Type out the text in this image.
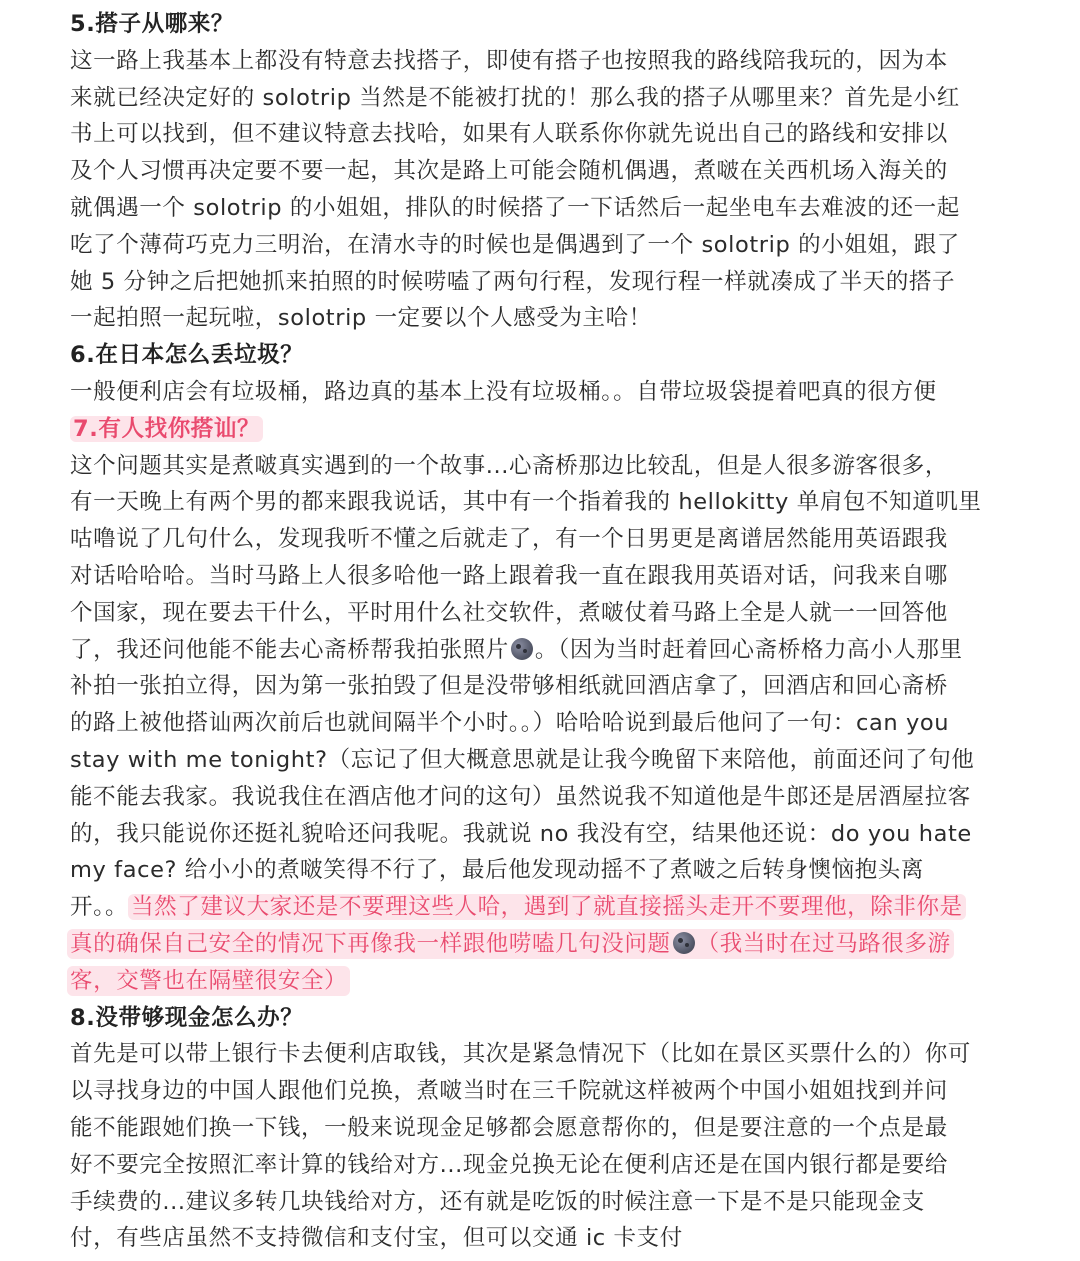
5.搭子从哪来？
这一路上我基本上都没有特意去找搭子，即使有搭子也按照我的路线陪我玩的，因为本
来就已经决定好的 solotrip 当然是不能被打扰的！那么我的搭子从哪里来？首先是小红
书上可以找到，但不建议特意去找哈，如果有人联系你你就先说出自己的路线和安排以
及个人习惯再决定要不要一起，其次是路上可能会随机偶遇，煮啵在关西机场入海关的
就偶遇一个 solotrip 的小姐姐，排队的时候搭了一下话然后一起坐电车去难波的还一起
吃了个薄荷巧克力三明治，在清水寺的时候也是偶遇到了一个 solotrip 的小姐姐，跟了
她 5 分钟之后把她抓来拍照的时候唠嗑了两句行程，发现行程一样就凑成了半天的搭子
一起拍照一起玩啦，solotrip 一定要以个人感受为主哈！
6.在日本怎么丢垃圾？
一般便利店会有垃圾桶，路边真的基本上没有垃圾桶。。自带垃圾袋提着吧真的很方便
7.有人找你搭讪？
这个问题其实是煮啵真实遇到的一个故事...心斋桥那边比较乱，但是人很多游客很多，
有一天晚上有两个男的都来跟我说话，其中有一个指着我的 hellokitty 单肩包不知道叽里
咕噜说了几句什么，发现我听不懂之后就走了，有一个日男更是离谱居然能用英语跟我
对话哈哈哈。当时马路上人很多哈他一路上跟着我一直在跟我用英语对话，问我来自哪
个国家，现在要去干什么，平时用什么社交软件，煮啵仗着马路上全是人就一一回答他
了，我还问他能不能去心斋桥帮我拍张照片 。（因为当时赶着回心斋桥格力高小人那里
补拍一张拍立得，因为第一张拍毁了但是没带够相纸就回酒店拿了，回酒店和回心斋桥
的路上被他搭讪两次前后也就间隔半个小时。。）哈哈哈说到最后他问了一句：can you
stay with me tonight?（忘记了但大概意思就是让我今晚留下来陪他，前面还问了句他
能不能去我家。我说我住在酒店他才问的这句）虽然说我不知道他是牛郎还是居酒屋拉客
的，我只能说你还挺礼貌哈还问我呢。我就说 no 我没有空，结果他还说：do you hate
my face? 给小小的煮啵笑得不行了，最后他发现动摇不了煮啵之后转身懊恼抱头离
开。。 当然了建议大家还是不要理这些人哈，遇到了就直接摇头走开不要理他，除非你是
真的确保自己安全的情况下再像我一样跟他唠嗑几句没问题 （我当时在过马路很多游
客，交警也在隔壁很安全）
8.没带够现金怎么办？
首先是可以带上银行卡去便利店取钱，其次是紧急情况下（比如在景区买票什么的）你可
以寻找身边的中国人跟他们兑换，煮啵当时在三千院就这样被两个中国小姐姐找到并问
能不能跟她们换一下钱，一般来说现金足够都会愿意帮你的，但是要注意的一个点是最
好不要完全按照汇率计算的钱给对方...现金兑换无论在便利店还是在国内银行都是要给
手续费的...建议多转几块钱给对方，还有就是吃饭的时候注意一下是不是只能现金支
付，有些店虽然不支持微信和支付宝，但可以交通 ic 卡支付
